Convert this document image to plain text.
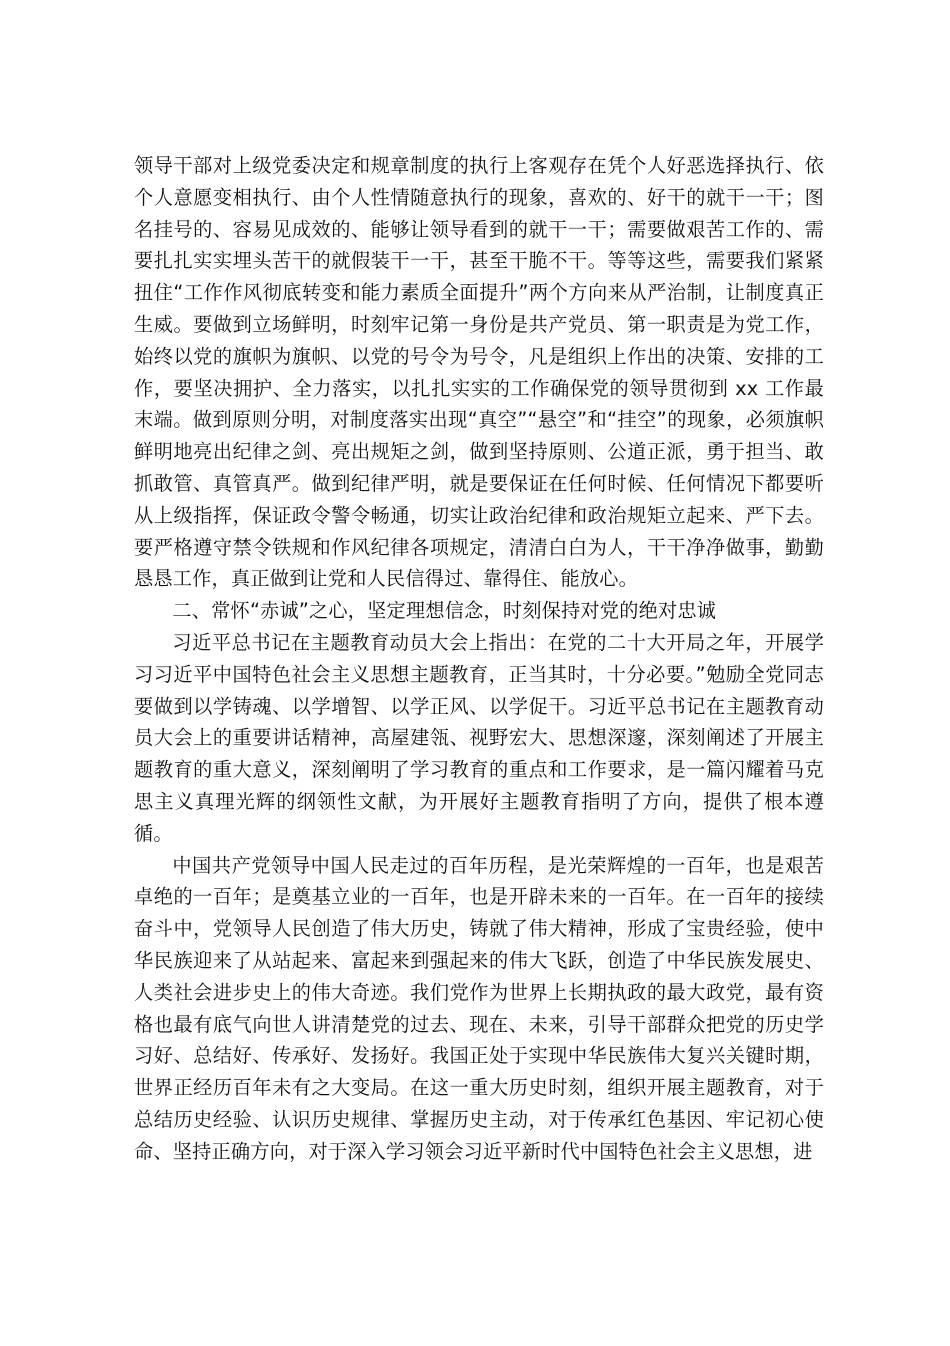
领导干部对上级党委决定和规章制度的执行上客观存在凭个人好恶选择执行、依个人意愿变相执行、由个人性情随意执行的现象，喜欢的、好干的就干一干；图名挂号的、容易见成效的、能够让领导看到的就干一干；需要做艰苦工作的、需要扎扎实实埋头苦干的就假装干一干，甚至干脆不干。等等这些，需要我们紧紧扭住“工作作风彻底转变和能力素质全面提升”两个方向来从严治制，让制度真正生威。要做到立场鲜明，时刻牢记第一身份是共产党员、第一职责是为党工作，始终以党的旗帜为旗帜、以党的号令为号令，凡是组织上作出的决策、安排的工作，要坚决拥护、全力落实，以扎扎实实的工作确保党的领导贯彻到 xx 工作最末端。做到原则分明，对制度落实出现“真空”“悬空”和“挂空”的现象，必须旗帜鲜明地亮出纪律之剑、亮出规矩之剑，做到坚持原则、公道正派，勇于担当、敢抓敢管、真管真严。做到纪律严明，就是要保证在任何时候、任何情况下都要听从上级指挥，保证政令警令畅通，切实让政治纪律和政治规矩立起来、严下去。要严格遵守禁令铁规和作风纪律各项规定，清清白白为人，干干净净做事，勤勤恳恳工作，真正做到让党和人民信得过、靠得住、能放心。

二、常怀“赤诚”之心，坚定理想信念，时刻保持对党的绝对忠诚

习近平总书记在主题教育动员大会上指出：在党的二十大开局之年，开展学习习近平中国特色社会主义思想主题教育，正当其时，十分必要。”勉励全党同志要做到以学铸魂、以学增智、以学正风、以学促干。习近平总书记在主题教育动员大会上的重要讲话精神，高屋建瓴、视野宏大、思想深邃，深刻阐述了开展主题教育的重大意义，深刻阐明了学习教育的重点和工作要求，是一篇闪耀着马克思主义真理光辉的纲领性文献，为开展好主题教育指明了方向，提供了根本遵循。

中国共产党领导中国人民走过的百年历程，是光荣辉煌的一百年，也是艰苦卓绝的一百年；是奠基立业的一百年，也是开辟未来的一百年。在一百年的接续奋斗中，党领导人民创造了伟大历史，铸就了伟大精神，形成了宝贵经验，使中华民族迎来了从站起来、富起来到强起来的伟大飞跃，创造了中华民族发展史、人类社会进步史上的伟大奇迹。我们党作为世界上长期执政的最大政党，最有资格也最有底气向世人讲清楚党的过去、现在、未来，引导干部群众把党的历史学习好、总结好、传承好、发扬好。我国正处于实现中华民族伟大复兴关键时期，世界正经历百年未有之大变局。在这一重大历史时刻，组织开展主题教育，对于总结历史经验、认识历史规律、掌握历史主动，对于传承红色基因、牢记初心使命、坚持正确方向，对于深入学习领会习近平新时代中国特色社会主义思想，进
